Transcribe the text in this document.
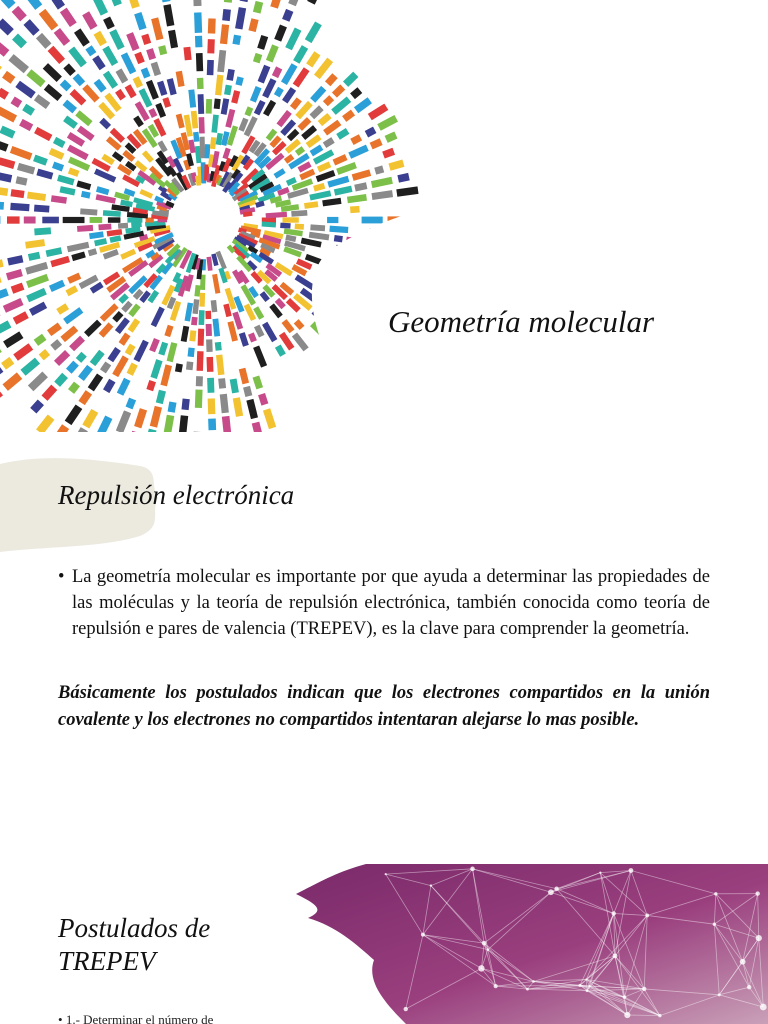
Geometría molecular
Repulsión electrónica
• La geometría molecular es importante por que ayuda a determinar las propiedades de las moléculas y la teoría de repulsión electrónica, también conocida como teoría de repulsión e pares de valencia (TREPEV), es la clave para comprender la geometría.
Básicamente los postulados indican que los electrones compartidos en la unión covalente y los electrones no compartidos intentaran alejarse lo mas posible.
Postulados de
TREPEV
• 1.- Determinar el número de
